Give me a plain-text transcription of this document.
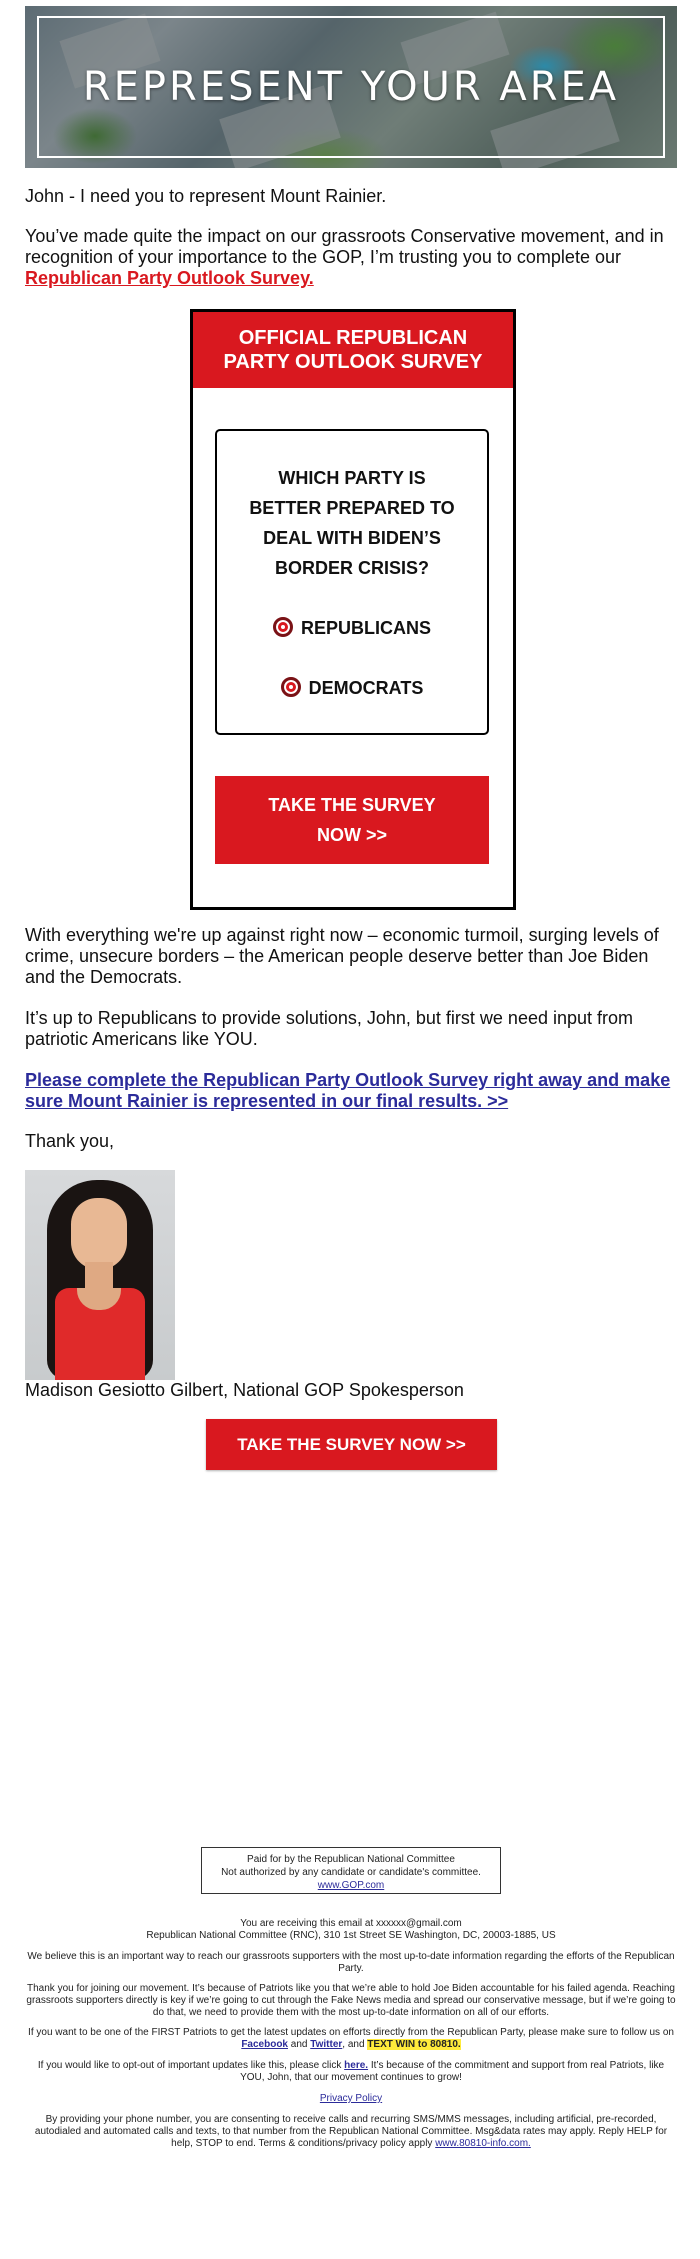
REPRESENT YOUR AREA
John - I need you to represent Mount Rainier.
You’ve made quite the impact on our grassroots Conservative movement, and in recognition of your importance to the GOP, I’m trusting you to complete our Republican Party Outlook Survey.
OFFICIAL REPUBLICAN
PARTY OUTLOOK SURVEY
WHICH PARTY IS
BETTER PREPARED TO
DEAL WITH BIDEN’S
BORDER CRISIS?
REPUBLICANS
DEMOCRATS
TAKE THE SURVEY
NOW >>
With everything we're up against right now – economic turmoil, surging levels of crime, unsecure borders – the American people deserve better than Joe Biden and the Democrats.
It’s up to Republicans to provide solutions, John, but first we need input from patriotic Americans like YOU.
Please complete the Republican Party Outlook Survey right away and make sure Mount Rainier is represented in our final results. >>
Thank you,
Madison Gesiotto Gilbert, National GOP Spokesperson
TAKE THE SURVEY NOW >>
Paid for by the Republican National Committee
Not authorized by any candidate or candidate's committee.
www.GOP.com
You are receiving this email at xxxxxx@gmail.com
Republican National Committee (RNC), 310 1st Street SE Washington, DC, 20003-1885, US
We believe this is an important way to reach our grassroots supporters with the most up-to-date information regarding the efforts of the Republican Party.
Thank you for joining our movement. It’s because of Patriots like you that we’re able to hold Joe Biden accountable for his failed agenda. Reaching grassroots supporters directly is key if we’re going to cut through the Fake News media and spread our conservative message, but if we’re going to do that, we need to provide them with the most up-to-date information on all of our efforts.
If you want to be one of the FIRST Patriots to get the latest updates on efforts directly from the Republican Party, please make sure to follow us on Facebook and Twitter, and TEXT WIN to 80810.
If you would like to opt-out of important updates like this, please click here. It’s because of the commitment and support from real Patriots, like YOU, John, that our movement continues to grow!
Privacy Policy
By providing your phone number, you are consenting to receive calls and recurring SMS/MMS messages, including artificial, pre-recorded, autodialed and automated calls and texts, to that number from the Republican National Committee. Msg&data rates may apply. Reply HELP for help, STOP to end. Terms & conditions/privacy policy apply www.80810-info.com.
